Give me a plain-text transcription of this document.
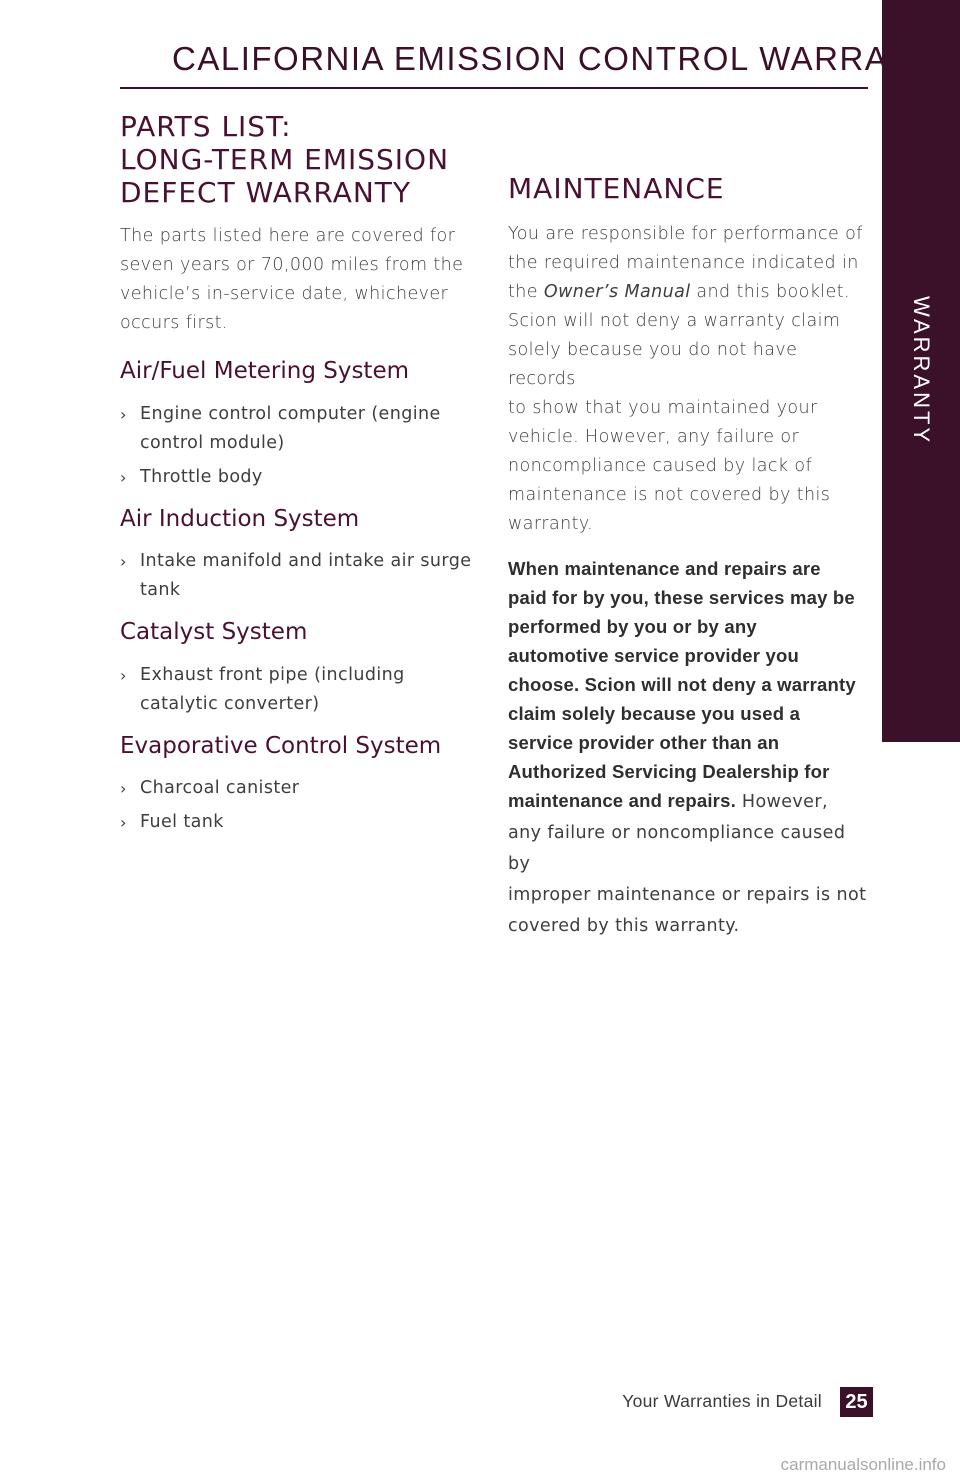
WARRANTY
CALIFORNIA EMISSION CONTROL WARRANTY
PARTS LIST:
LONG-TERM EMISSION
DEFECT WARRANTY

The parts listed here are covered for
seven years or 70,000 miles from the
vehicle’s in-service date, whichever
occurs first.

Air/Fuel Metering System
› Engine control computer (engine
control module)
› Throttle body
Air Induction System
› Intake manifold and intake air surge
tank
Catalyst System
› Exhaust front pipe (including
catalytic converter)
Evaporative Control System
› Charcoal canister
› Fuel tank
MAINTENANCE

You are responsible for performance of
the required maintenance indicated in
the Owner’s Manual and this booklet.
Scion will not deny a warranty claim
solely because you do not have records
to show that you maintained your
vehicle. However, any failure or
noncompliance caused by lack of
maintenance is not covered by this
warranty.

When maintenance and repairs are
paid for by you, these services may be
performed by you or by any
automotive service provider you
choose. Scion will not deny a warranty
claim solely because you used a
service provider other than an
Authorized Servicing Dealership for
maintenance and repairs. However,
any failure or noncompliance caused by
improper maintenance or repairs is not
covered by this warranty.

Your Warranties in Detail 25
carmanualsonline.info
